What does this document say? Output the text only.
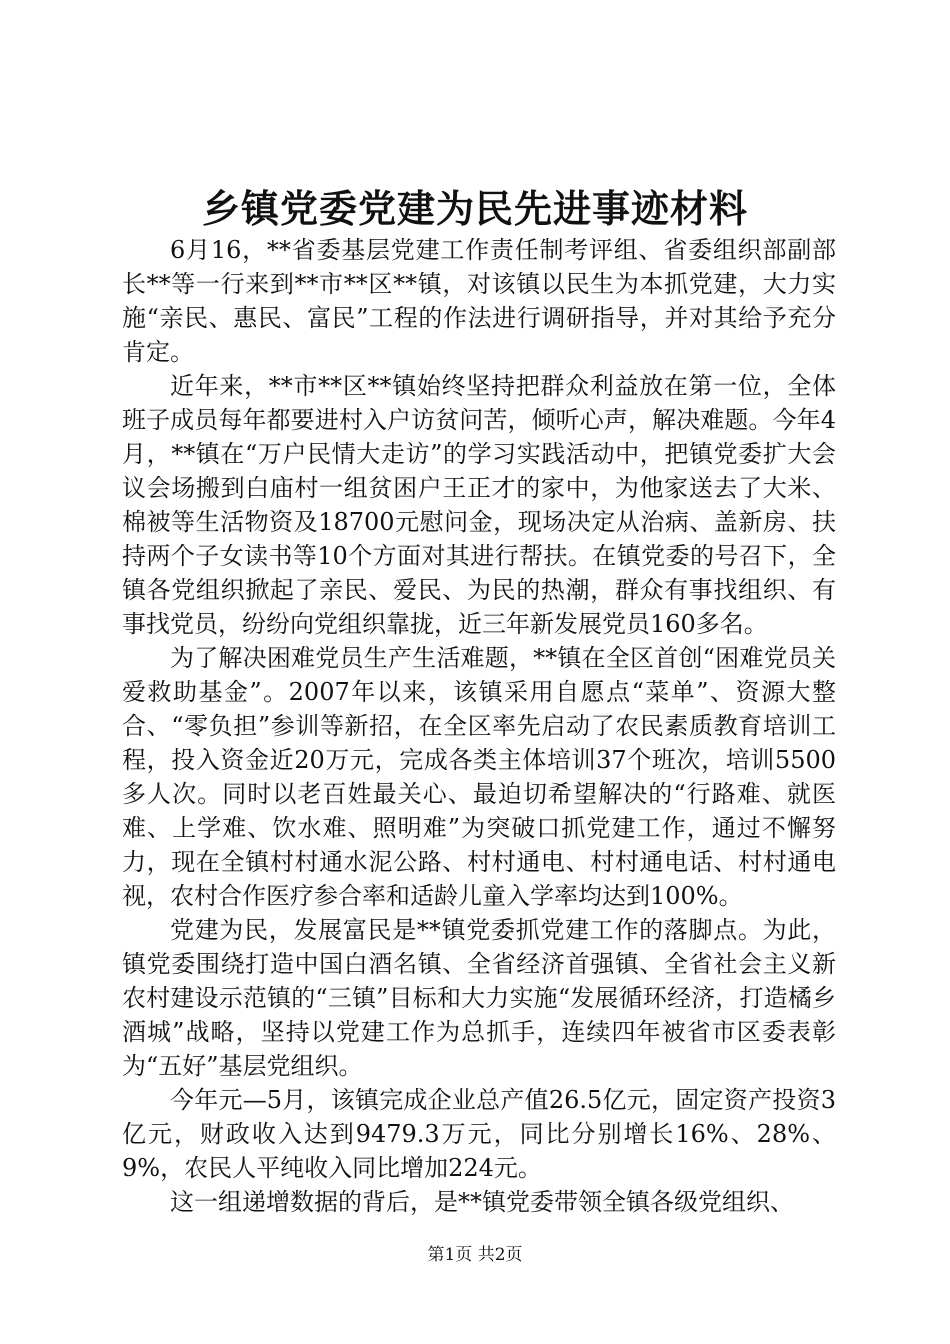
乡镇党委党建为民先进事迹材料

6月16，**省委基层党建工作责任制考评组、省委组织部副部长**等一行来到**市**区**镇，对该镇以民生为本抓党建，大力实施“亲民、惠民、富民”工程的作法进行调研指导，并对其给予充分肯定。

近年来，**市**区**镇始终坚持把群众利益放在第一位，全体班子成员每年都要进村入户访贫问苦，倾听心声，解决难题。今年4月，**镇在“万户民情大走访”的学习实践活动中，把镇党委扩大会议会场搬到白庙村一组贫困户王正才的家中，为他家送去了大米、棉被等生活物资及18700元慰问金，现场决定从治病、盖新房、扶持两个子女读书等10个方面对其进行帮扶。在镇党委的号召下，全镇各党组织掀起了亲民、爱民、为民的热潮，群众有事找组织、有事找党员，纷纷向党组织靠拢，近三年新发展党员160多名。

为了解决困难党员生产生活难题，**镇在全区首创“困难党员关爱救助基金”。2007年以来，该镇采用自愿点“菜单”、资源大整合、“零负担”参训等新招，在全区率先启动了农民素质教育培训工程，投入资金近20万元，完成各类主体培训37个班次，培训5500多人次。同时以老百姓最关心、最迫切希望解决的“行路难、就医难、上学难、饮水难、照明难”为突破口抓党建工作，通过不懈努力，现在全镇村村通水泥公路、村村通电、村村通电话、村村通电视，农村合作医疗参合率和适龄儿童入学率均达到100%。

党建为民，发展富民是**镇党委抓党建工作的落脚点。为此，镇党委围绕打造中国白酒名镇、全省经济首强镇、全省社会主义新农村建设示范镇的“三镇”目标和大力实施“发展循环经济，打造橘乡酒城”战略，坚持以党建工作为总抓手，连续四年被省市区委表彰为“五好”基层党组织。

今年元—5月，该镇完成企业总产值26.5亿元，固定资产投资3亿元，财政收入达到9479.3万元，同比分别增长16%、28%、9%，农民人平纯收入同比增加224元。

这一组递增数据的背后，是**镇党委带领全镇各级党组织、

第1页 共2页
